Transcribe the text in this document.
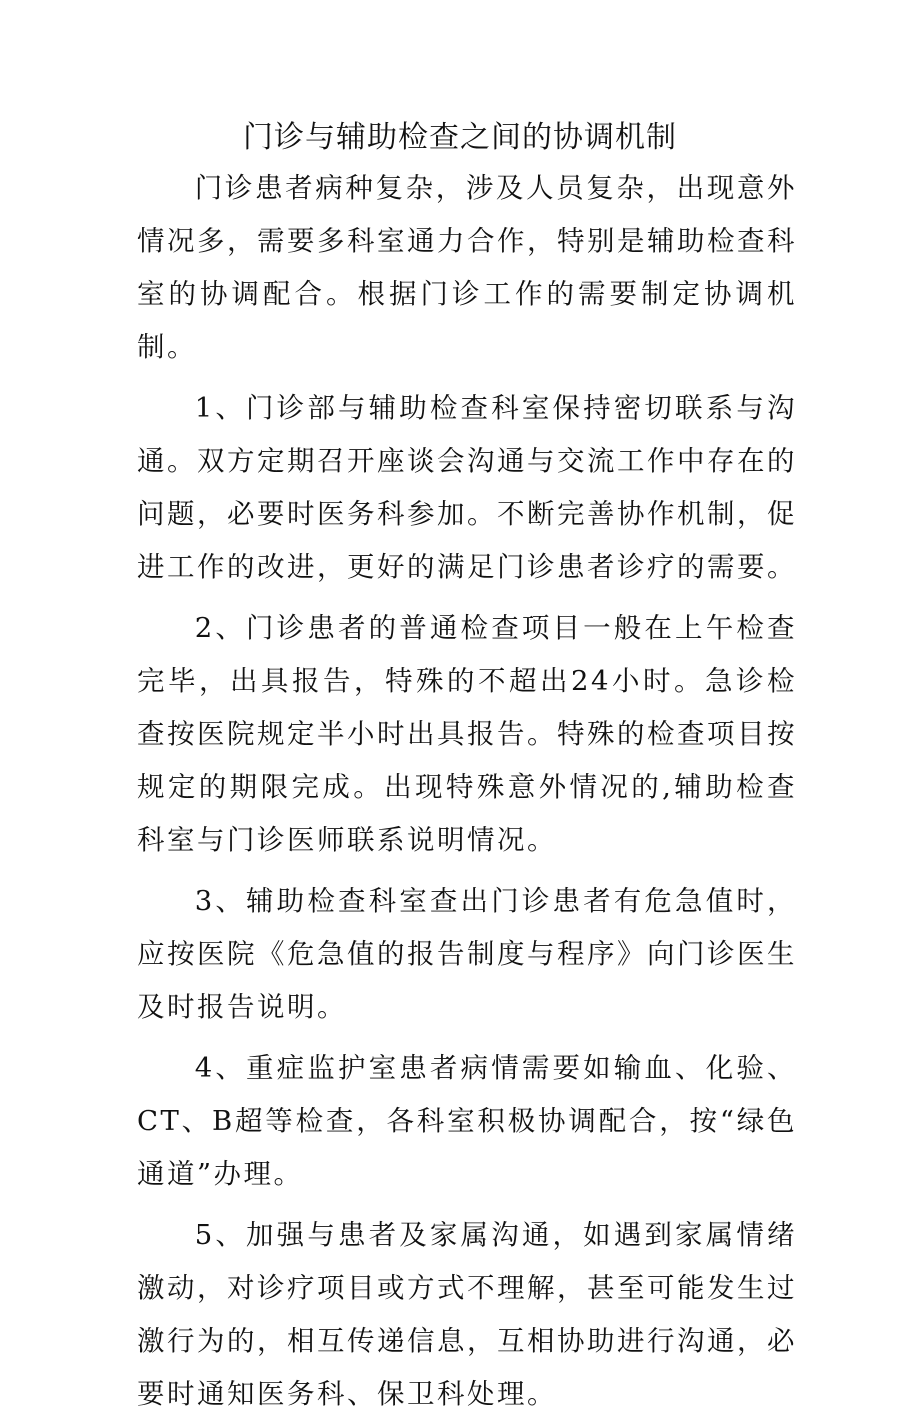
门诊与辅助检查之间的协调机制

门诊患者病种复杂，涉及人员复杂，出现意外情况多，需要多科室通力合作，特别是辅助检查科室的协调配合。根据门诊工作的需要制定协调机制。

1、门诊部与辅助检查科室保持密切联系与沟通。双方定期召开座谈会沟通与交流工作中存在的问题，必要时医务科参加。不断完善协作机制，促进工作的改进，更好的满足门诊患者诊疗的需要。

2、门诊患者的普通检查项目一般在上午检查完毕，出具报告，特殊的不超出24小时。急诊检查按医院规定半小时出具报告。特殊的检查项目按规定的期限完成。出现特殊意外情况的,辅助检查科室与门诊医师联系说明情况。

3、辅助检查科室查出门诊患者有危急值时，应按医院《危急值的报告制度与程序》向门诊医生及时报告说明。

4、重症监护室患者病情需要如输血、化验、CT、B超等检查，各科室积极协调配合，按“绿色通道”办理。

5、加强与患者及家属沟通，如遇到家属情绪激动，对诊疗项目或方式不理解，甚至可能发生过激行为的，相互传递信息，互相协助进行沟通，必要时通知医务科、保卫科处理。
